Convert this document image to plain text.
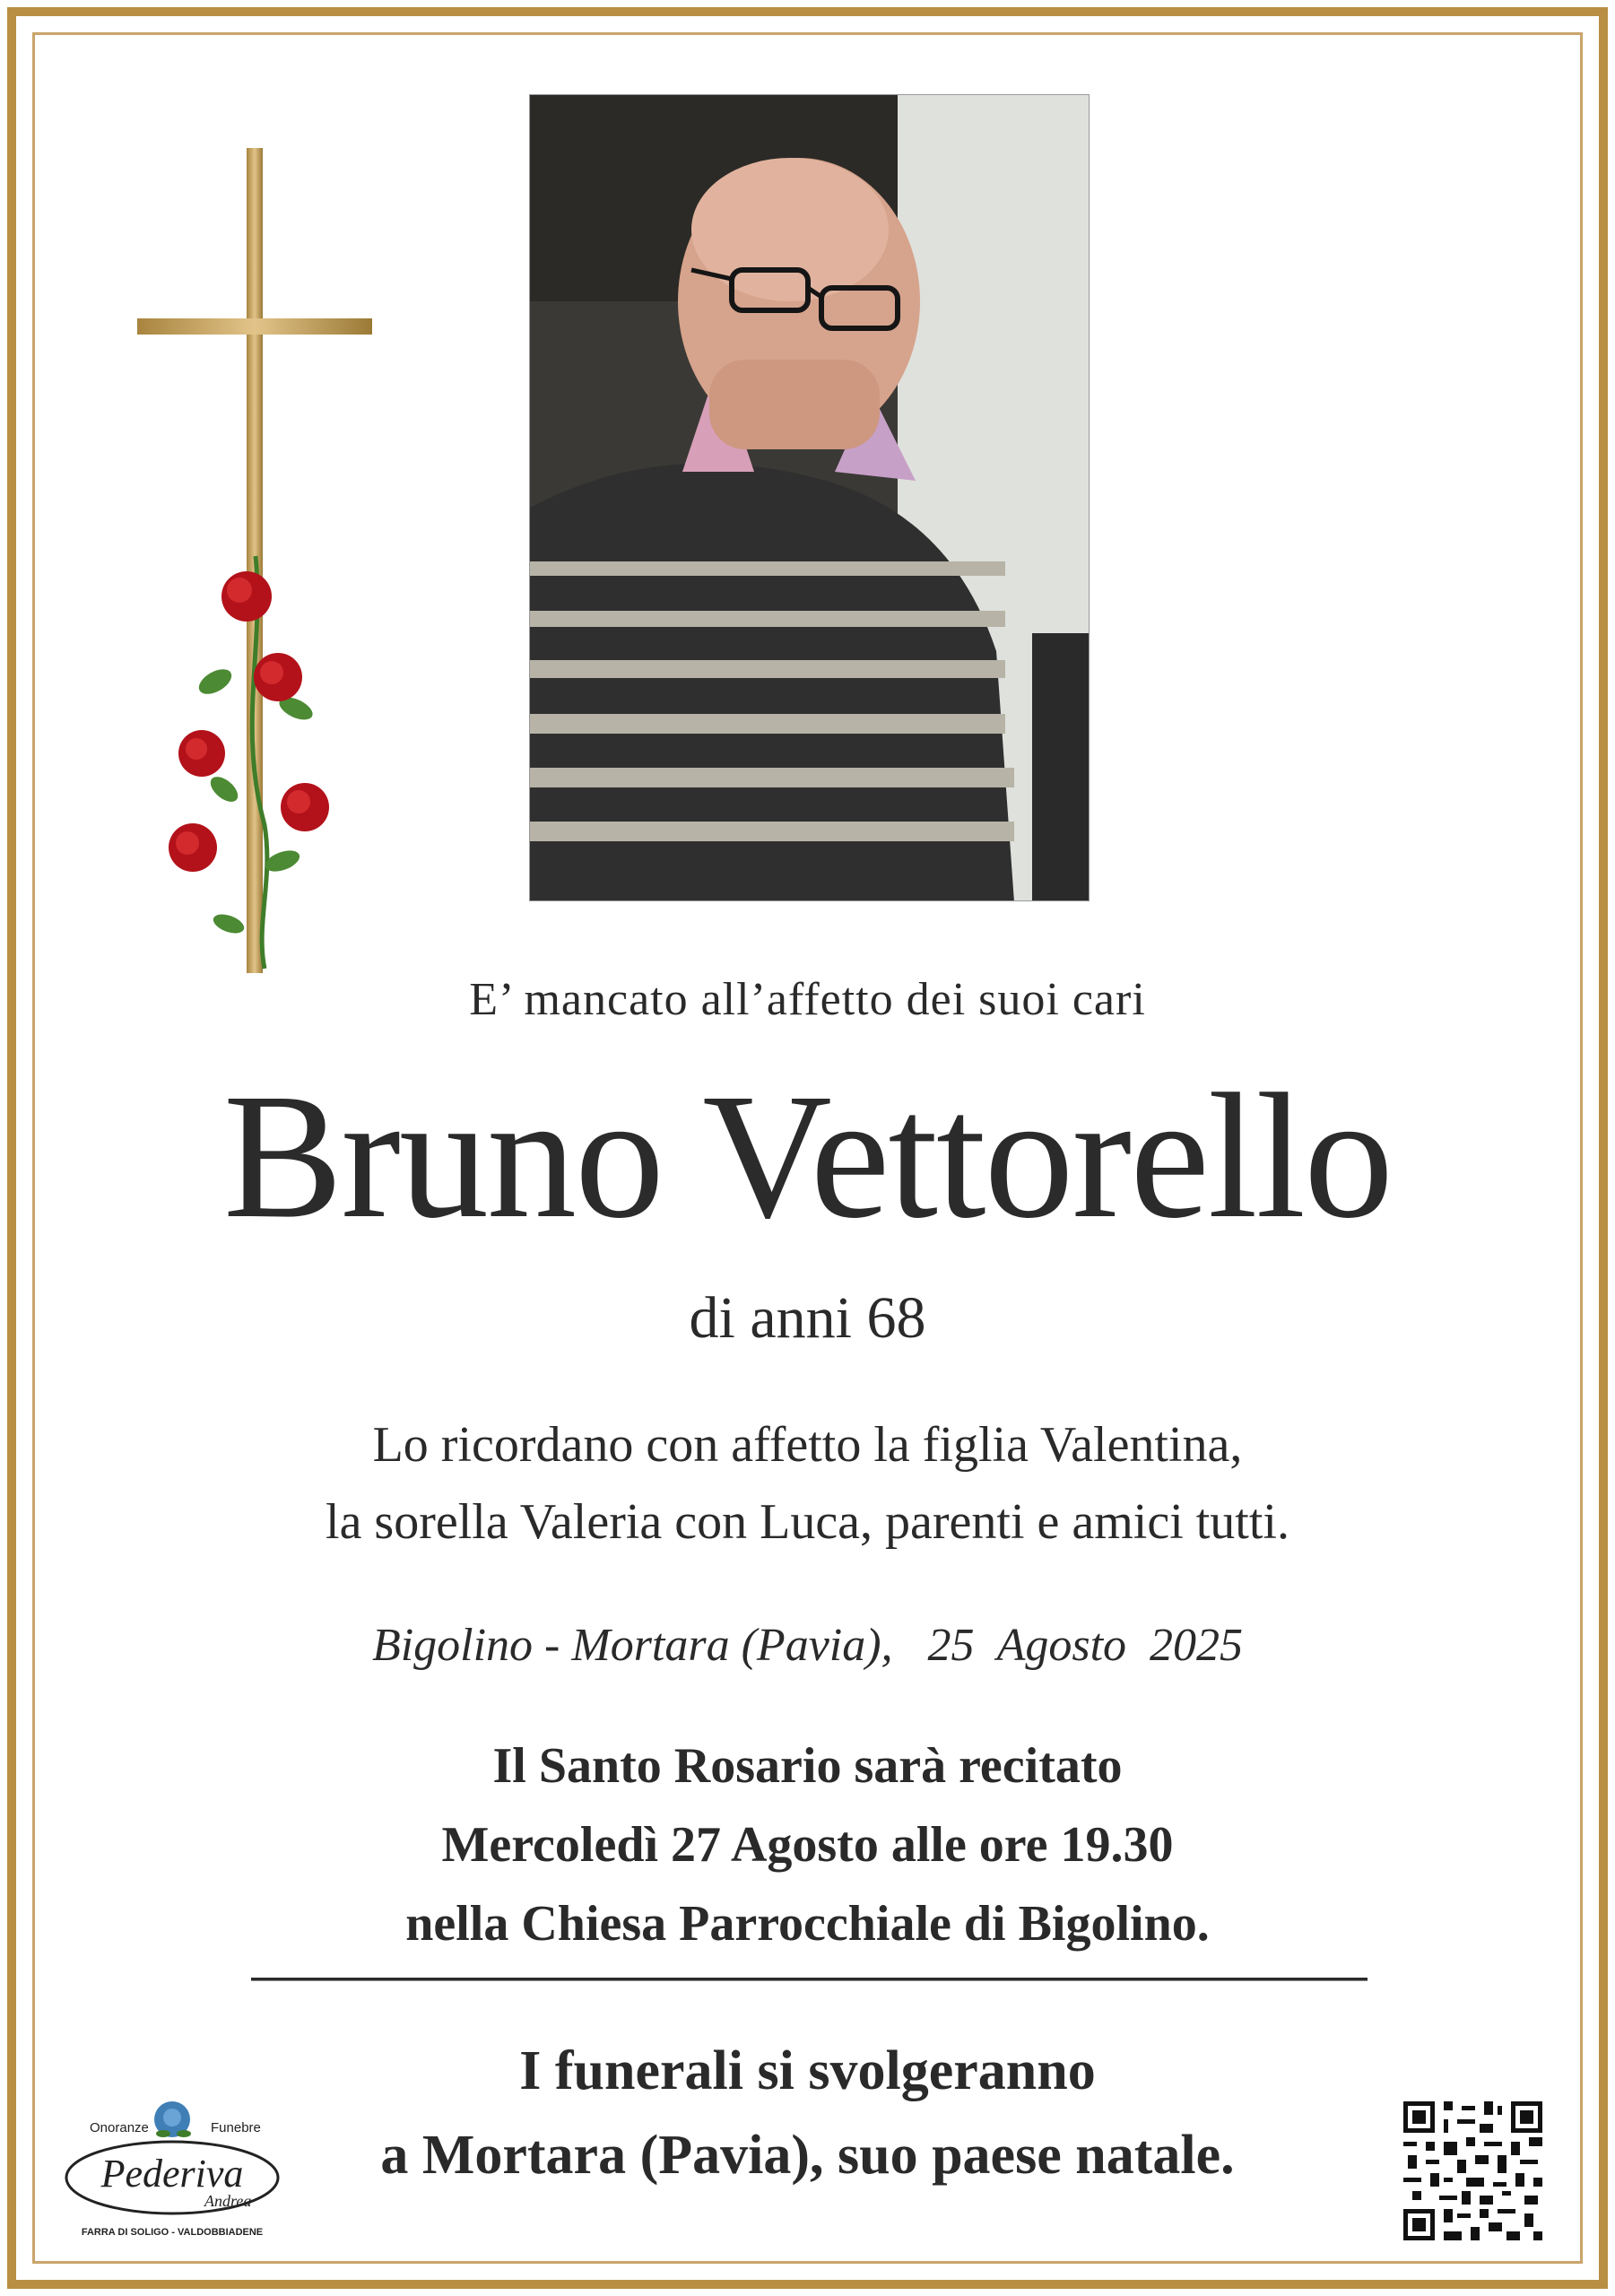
E’ mancato all’affetto dei suoi cari
Bruno Vettorello
di anni 68
Lo ricordano con affetto la figlia Valentina,
la sorella Valeria con Luca, parenti e amici tutti.
Bigolino - Mortara (Pavia),   25  Agosto  2025
Il Santo Rosario sarà recitato
Mercoledì 27 Agosto alle ore 19.30
nella Chiesa Parrocchiale di Bigolino.
I funerali si svolgeranno
a Mortara (Pavia), suo paese natale.
Onoranze	Funebre
Pederiva
Andrea
FARRA DI SOLIGO - VALDOBBIADENE
